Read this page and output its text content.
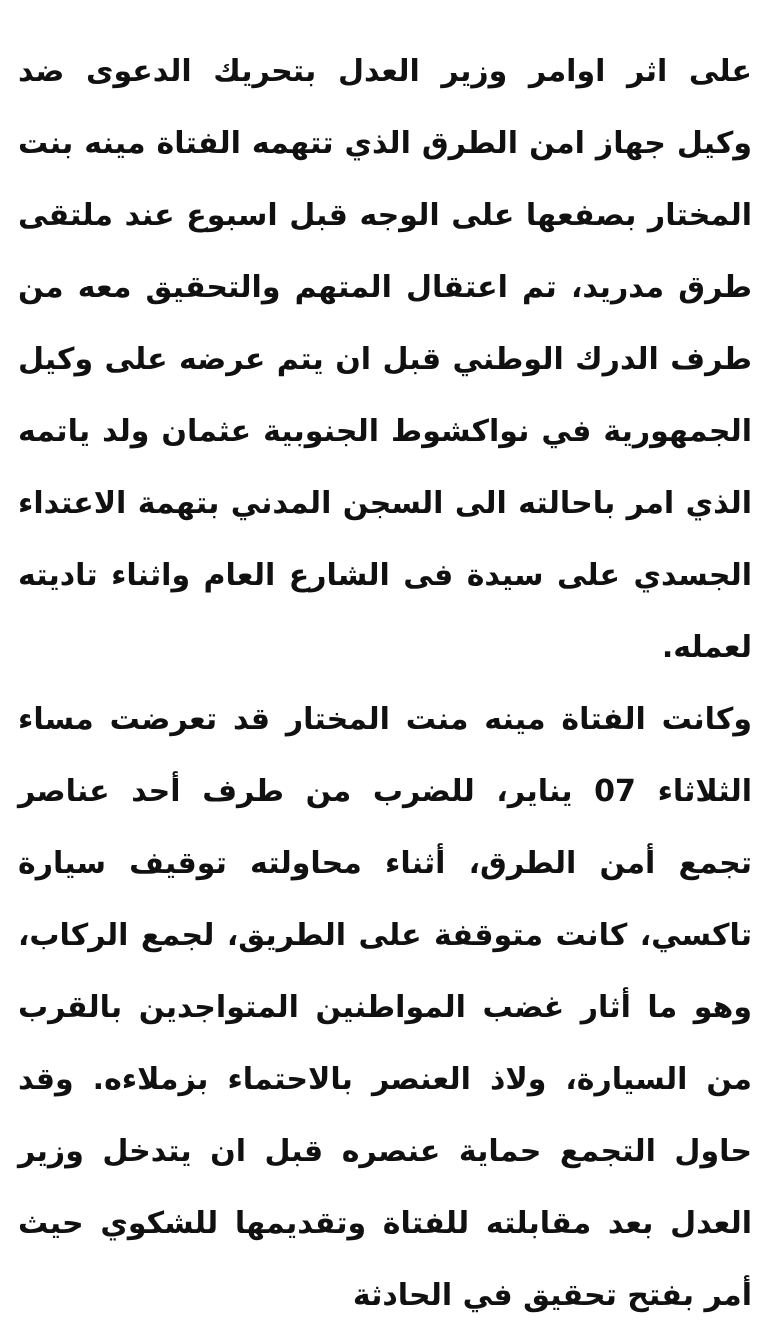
على اثر اوامر وزير العدل بتحريك الدعوى ضد وكيل جهاز امن الطرق الذي تتهمه الفتاة مينه بنت المختار بصفعها على الوجه قبل اسبوع عند ملتقى طرق مدريد، تم اعتقال المتهم والتحقيق معه من طرف الدرك الوطني قبل ان يتم عرضه على وكيل الجمهورية في نواكشوط الجنوبية عثمان ولد ياتمه الذي امر باحالته الى السجن المدني بتهمة الاعتداء الجسدي على سيدة فى الشارع العام واثناء تاديته لعمله.

وكانت الفتاة مينه منت المختار قد تعرضت مساء الثلاثاء 07 يناير، للضرب من طرف أحد عناصر تجمع أمن الطرق، أثناء محاولته توقيف سيارة تاكسي، كانت متوقفة على الطريق، لجمع الركاب، وهو ما أثار غضب المواطنين المتواجدين بالقرب من السيارة، ولاذ العنصر بالاحتماء بزملاءه. وقد حاول التجمع حماية عنصره قبل ان يتدخل وزير العدل بعد مقابلته للفتاة وتقديمها للشكوي حيث أمر بفتح تحقيق في الحادثة
